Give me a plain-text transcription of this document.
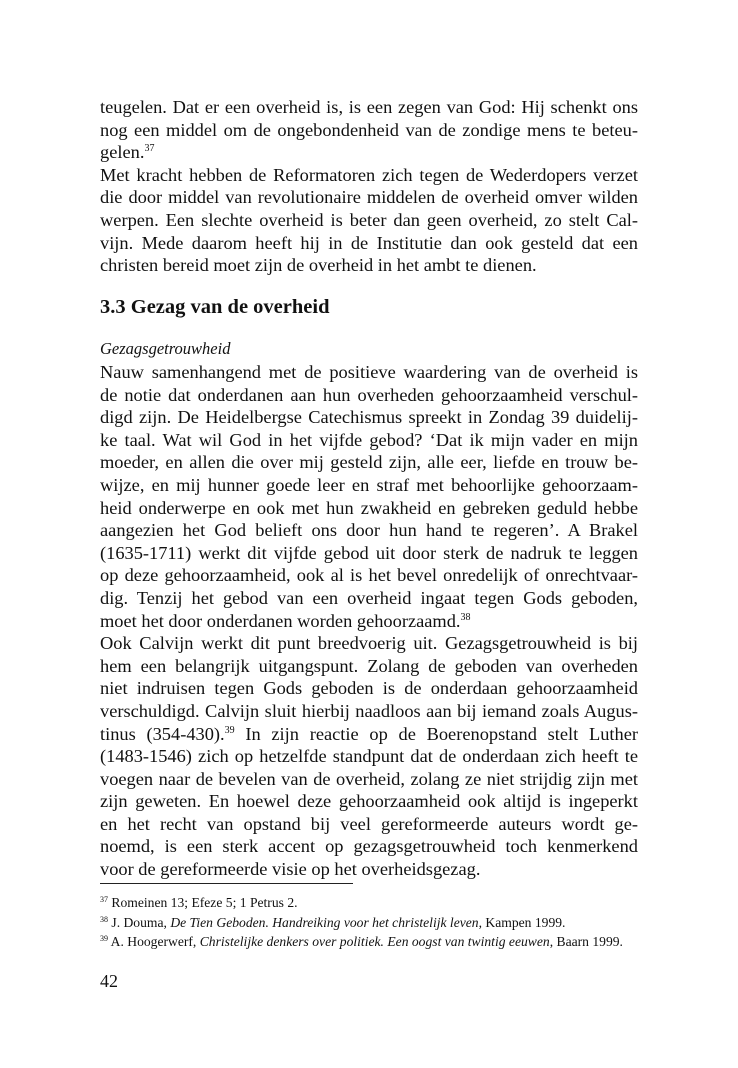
teugelen. Dat er een overheid is, is een zegen van God: Hij schenkt ons
nog een middel om de ongebondenheid van de zondige mens te beteu-
gelen.$^{37}$

Met kracht hebben de Reformatoren zich tegen de Wederdopers verzet
die door middel van revolutionaire middelen de overheid omver wilden
werpen. Een slechte overheid is beter dan geen overheid, zo stelt Cal-
vijn. Mede daarom heeft hij in de Institutie dan ook gesteld dat een
christen bereid moet zijn de overheid in het ambt te dienen.

3.3 Gezag van de overheid

Gezagsgetrouwheid

Nauw samenhangend met de positieve waardering van de overheid is
de notie dat onderdanen aan hun overheden gehoorzaamheid verschul-
digd zijn. De Heidelbergse Catechismus spreekt in Zondag 39 duidelij-
ke taal. Wat wil God in het vijfde gebod? ‘Dat ik mijn vader en mijn
moeder, en allen die over mij gesteld zijn, alle eer, liefde en trouw be-
wijze, en mij hunner goede leer en straf met behoorlijke gehoorzaam-
heid onderwerpe en ook met hun zwakheid en gebreken geduld hebbe
aangezien het God belieft ons door hun hand te regeren’. A Brakel
(1635-1711) werkt dit vijfde gebod uit door sterk de nadruk te leggen
op deze gehoorzaamheid, ook al is het bevel onredelijk of onrechtvaar-
dig. Tenzij het gebod van een overheid ingaat tegen Gods geboden,
moet het door onderdanen worden gehoorzaamd.$^{38}$

Ook Calvijn werkt dit punt breedvoerig uit. Gezagsgetrouwheid is bij
hem een belangrijk uitgangspunt. Zolang de geboden van overheden
niet indruisen tegen Gods geboden is de onderdaan gehoorzaamheid
verschuldigd. Calvijn sluit hierbij naadloos aan bij iemand zoals Augus-
tinus (354-430).$^{39}$ In zijn reactie op de Boerenopstand stelt Luther
(1483-1546) zich op hetzelfde standpunt dat de onderdaan zich heeft te
voegen naar de bevelen van de overheid, zolang ze niet strijdig zijn met
zijn geweten. En hoewel deze gehoorzaamheid ook altijd is ingeperkt
en het recht van opstand bij veel gereformeerde auteurs wordt ge-
noemd, is een sterk accent op gezagsgetrouwheid toch kenmerkend
voor de gereformeerde visie op het overheidsgezag.

$^{37}$ Romeinen 13; Efeze 5; 1 Petrus 2.
$^{38}$ J. Douma, De Tien Geboden. Handreiking voor het christelijk leven, Kampen 1999.
$^{39}$ A. Hoogerwerf, Christelijke denkers over politiek. Een oogst van twintig eeuwen, Baarn 1999.
42
